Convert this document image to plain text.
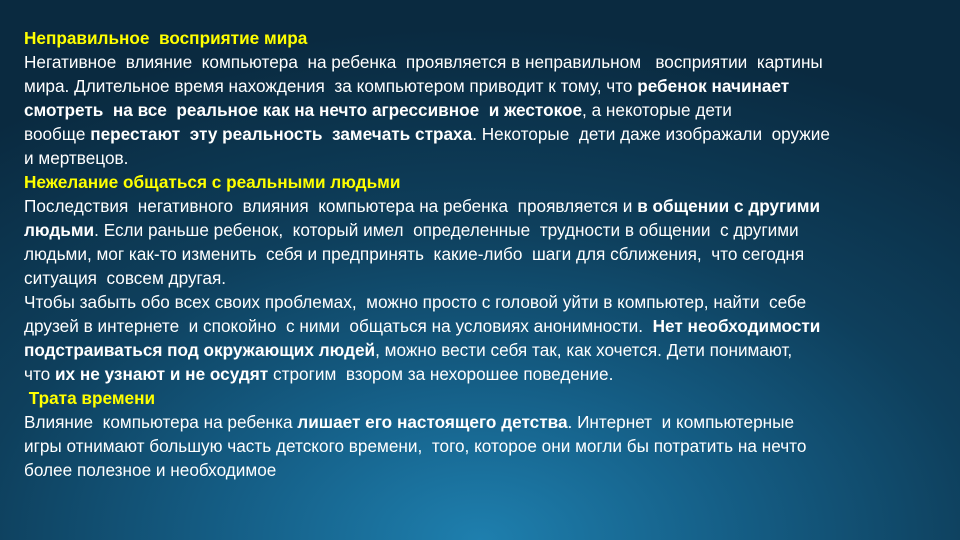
Неправильное  восприятие мира
Негативное  влияние  компьютера  на ребенка  проявляется в неправильном   восприятии  картины
мира. Длительное время нахождения  за компьютером приводит к тому, что ребенок начинает
смотреть  на все  реальное как на нечто агрессивное  и жестокое, а некоторые дети
вообще перестают  эту реальность  замечать страха. Некоторые  дети даже изображали  оружие
и мертвецов.
Нежелание общаться с реальными людьми
Последствия  негативного  влияния  компьютера на ребенка  проявляется и в общении с другими
людьми. Если раньше ребенок,  который имел  определенные  трудности в общении  с другими
людьми, мог как-то изменить  себя и предпринять  какие-либо  шаги для сближения,  что сегодня
ситуация  совсем другая.
Чтобы забыть обо всех своих проблемах,  можно просто с головой уйти в компьютер, найти  себе
друзей в интернете  и спокойно  с ними  общаться на условиях анонимности.  Нет необходимости
подстраиваться под окружающих людей, можно вести себя так, как хочется. Дети понимают,
что их не узнают и не осудят строгим  взором за нехорошее поведение.
Трата времени
Влияние  компьютера на ребенка лишает его настоящего детства. Интернет  и компьютерные
игры отнимают большую часть детского времени,  того, которое они могли бы потратить на нечто
более полезное и необходимое
